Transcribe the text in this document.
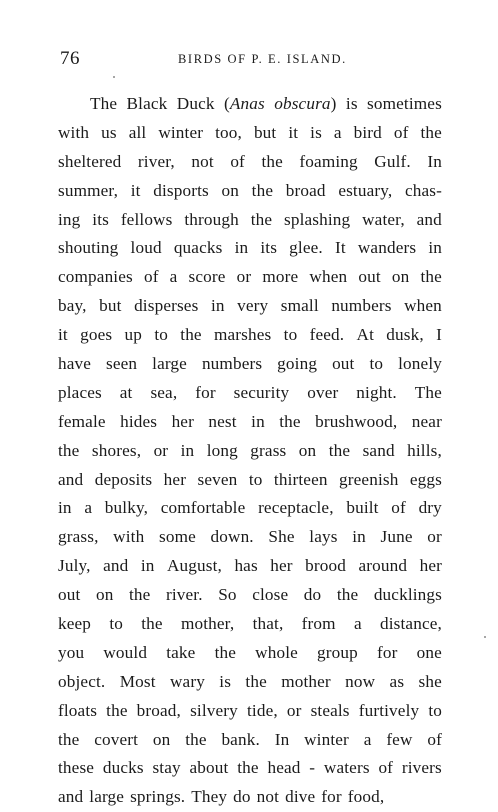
76	BIRDS OF P. E. ISLAND.
The Black Duck (Anas obscura) is sometimes
with us all winter too, but it is a bird of the
sheltered river, not of the foaming Gulf. In
summer, it disports on the broad estuary, chas-
ing its fellows through the splashing water, and
shouting loud quacks in its glee. It wanders in
companies of a score or more when out on the
bay, but disperses in very small numbers when
it goes up to the marshes to feed. At dusk, I
have seen large numbers going out to lonely
places at sea, for security over night. The
female hides her nest in the brushwood, near
the shores, or in long grass on the sand hills,
and deposits her seven to thirteen greenish eggs
in a bulky, comfortable receptacle, built of dry
grass, with some down. She lays in June or
July, and in August, has her brood around her
out on the river. So close do the ducklings
keep to the mother, that, from a distance,
you would take the whole group for one
object. Most wary is the mother now as she
floats the broad, silvery tide, or steals furtively to
the covert on the bank. In winter a few of
these ducks stay about the head - waters of rivers
and large springs. They do not dive for food,
